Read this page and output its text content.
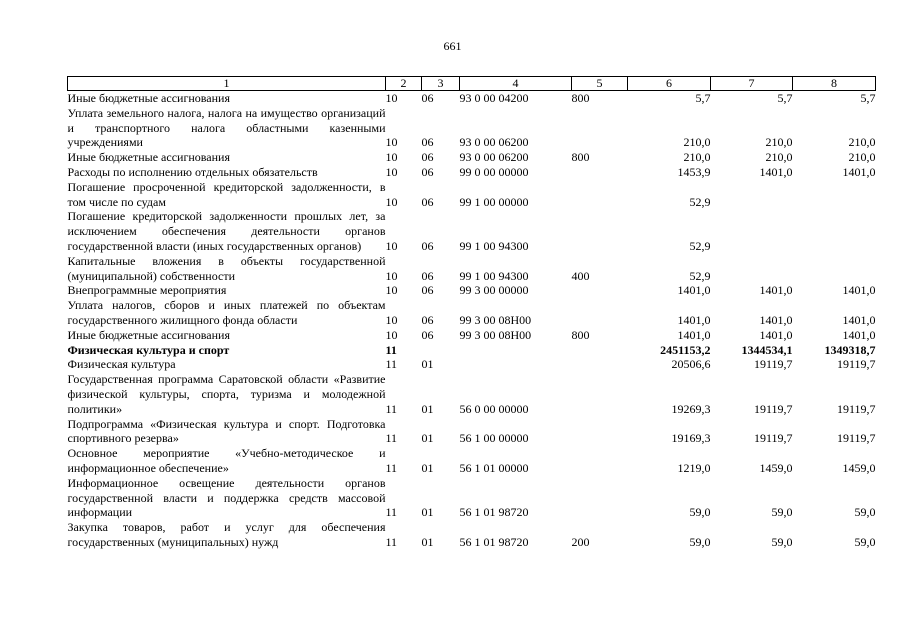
661
1	2	3	4	5	6	7	8
Иные бюджетные ассигнования	10	06	93 0 00 04200	800	5,7	5,7	5,7
Уплата земельного налога, налога на имущество организаций и транспортного налога областными казенными учреждениями	10	06	93 0 00 06200		210,0	210,0	210,0
Иные бюджетные ассигнования	10	06	93 0 00 06200	800	210,0	210,0	210,0
Расходы по исполнению отдельных обязательств	10	06	99 0 00 00000		1453,9	1401,0	1401,0
Погашение просроченной кредиторской задолженности, в том числе по судам	10	06	99 1 00 00000		52,9		
Погашение кредиторской задолженности прошлых лет, за исключением обеспечения деятельности органов государственной власти (иных государственных органов)	10	06	99 1 00 94300		52,9		
Капитальные вложения в объекты государственной (муниципальной) собственности	10	06	99 1 00 94300	400	52,9		
Внепрограммные мероприятия	10	06	99 3 00 00000		1401,0	1401,0	1401,0
Уплата налогов, сборов и иных платежей по объектам государственного жилищного фонда области	10	06	99 3 00 08H00		1401,0	1401,0	1401,0
Иные бюджетные ассигнования	10	06	99 3 00 08H00	800	1401,0	1401,0	1401,0
Физическая культура и спорт	11				2451153,2	1344534,1	1349318,7
Физическая культура	11	01			20506,6	19119,7	19119,7
Государственная программа Саратовской области «Развитие физической культуры, спорта, туризма и молодежной политики»	11	01	56 0 00 00000		19269,3	19119,7	19119,7
Подпрограмма «Физическая культура и спорт. Подготовка спортивного резерва»	11	01	56 1 00 00000		19169,3	19119,7	19119,7
Основное мероприятие «Учебно-методическое и информационное обеспечение»	11	01	56 1 01 00000		1219,0	1459,0	1459,0
Информационное освещение деятельности органов государственной власти и поддержка средств массовой информации	11	01	56 1 01 98720		59,0	59,0	59,0
Закупка товаров, работ и услуг для обеспечения государственных (муниципальных) нужд	11	01	56 1 01 98720	200	59,0	59,0	59,0
